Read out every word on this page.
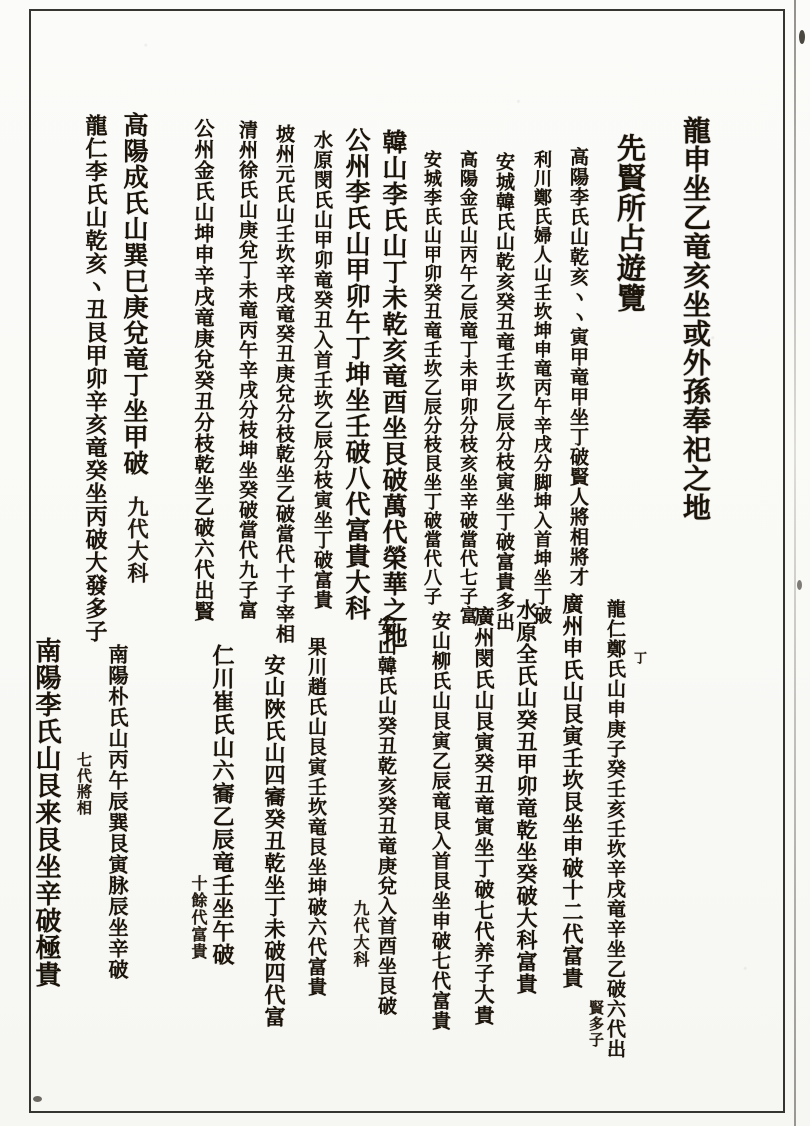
龍申坐乙竜亥坐或外孫奉祀之地
先賢所占遊覽
高陽李氏山乾亥ヽヽ寅甲竜甲坐丁破賢人將相將才
利川鄭氏婦人山壬坎坤申竜丙午辛戌分脚坤入首坤坐丁破
安城韓氏山乾亥癸丑竜壬坎乙辰分枝寅坐丁破富貴多出
高陽金氏山丙午乙辰竜丁未甲卯分枝亥坐辛破當代七子富
安城李氏山甲卯癸丑竜壬坎乙辰分枝艮坐丁破當代八子
韓山李氏山丁未乾亥竜酉坐艮破萬代榮華之地
公州李氏山甲卯午丁坤坐壬破八代富貴大科
水原閔氏山甲卯竜癸丑入首壬坎乙辰分枝寅坐丁破富貴
坡州元氏山壬坎辛戌竜癸丑庚兌分枝乾坐乙破當代十子宰相
清州徐氏山庚兌丁未竜丙午辛戌分枝坤坐癸破當代九子富
公州金氏山坤申辛戌竜庚兌癸丑分枝乾坐乙破六代出賢
高陽成氏山巽巳庚兌竜丁坐甲破
九代大科
龍仁李氏山乾亥ヽ丑艮甲卯辛亥竜癸坐丙破大發多子
龍仁鄭氏山申庚子癸壬亥壬坎辛戌竜辛坐乙破六代出 丁
賢多子
廣州申氏山艮寅壬坎艮坐申破十二代富貴
水原全氏山癸丑甲卯竜乾坐癸破大科富貴
廣州閔氏山艮寅癸丑竜寅坐丁破七代养子大貴
安山柳氏山艮寅乙辰竜艮入首艮坐申破七代富貴
安山韓氏山癸丑乾亥癸丑竜庚兌入首酉坐艮破
九代大科
果川趙氏山艮寅壬坎竜艮坐坤破六代富貴
安山陜氏山四㝯癸丑乾坐丁未破四代富
仁川崔氏山六㝯乙辰竜壬坐午破
十餘代富貴
南陽朴氏山丙午辰巽艮寅脉辰坐辛破
七代將相
南陽李氏山艮来艮坐辛破極貴
